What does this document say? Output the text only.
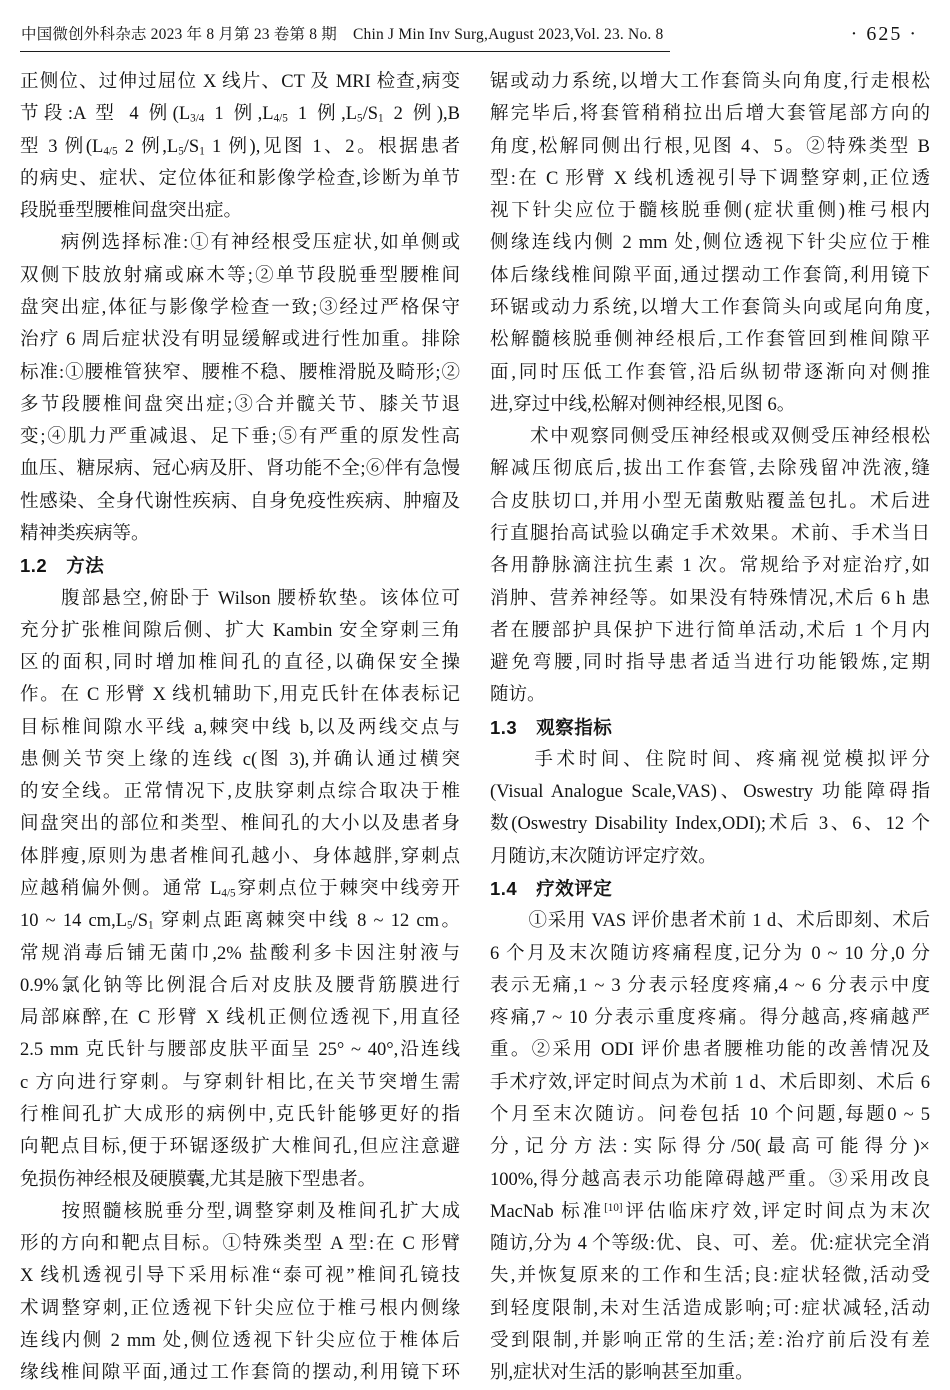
中国微创外科杂志 2023 年 8 月第 23 卷第 8 期 Chin J Min Inv Surg,August 2023,Vol. 23. No. 8	· 625 ·
正侧位、过伸过屈位 X 线片、CT 及 MRI 检查,病变
节段:A 型 4 例($L_{3/4}$ 1 例$,L_{4/5}$ 1 例$,L_5/S_1$ 2 例),B
型 3 例($L_{4/5}$ 2 例$,L_5/S_1$ 1 例),见图 1、2。根据患者
的病史、症状、定位体征和影像学检查,诊断为单节
段脱垂型腰椎间盘突出症。
　　病例选择标准:①有神经根受压症状,如单侧或
双侧下肢放射痛或麻木等;②单节段脱垂型腰椎间
盘突出症,体征与影像学检查一致;③经过严格保守
治疗 6 周后症状没有明显缓解或进行性加重。排除
标准:①腰椎管狭窄、腰椎不稳、腰椎滑脱及畸形;②
多节段腰椎间盘突出症;③合并髋关节、膝关节退
变;④肌力严重减退、足下垂;⑤有严重的原发性高
血压、糖尿病、冠心病及肝、肾功能不全;⑥伴有急慢
性感染、全身代谢性疾病、自身免疫性疾病、肿瘤及
精神类疾病等。
1.2　方法
　　腹部悬空,俯卧于 Wilson 腰桥软垫。该体位可
充分扩张椎间隙后侧、扩大 Kambin 安全穿刺三角
区的面积,同时增加椎间孔的直径,以确保安全操
作。在 C 形臂 X 线机辅助下,用克氏针在体表标记
目标椎间隙水平线 a,棘突中线 b,以及两线交点与
患侧关节突上缘的连线 c(图 3),并确认通过横突
的安全线。正常情况下,皮肤穿刺点综合取决于椎
间盘突出的部位和类型、椎间孔的大小以及患者身
体胖瘦,原则为患者椎间孔越小、身体越胖,穿刺点
应越稍偏外侧。通常 $L_{4/5}$穿刺点位于棘突中线旁开
10 ~ 14 $cm,L_5/S_1$ 穿刺点距离棘突中线 8 ~ 12 cm。
常规消毒后铺无菌巾,2% 盐酸利多卡因注射液与
0.9%氯化钠等比例混合后对皮肤及腰背筋膜进行
局部麻醉,在 C 形臂 X 线机正侧位透视下,用直径
2.5 mm 克氏针与腰部皮肤平面呈 25° ~ 40°,沿连线
c 方向进行穿刺。与穿刺针相比,在关节突增生需
行椎间孔扩大成形的病例中,克氏针能够更好的指
向靶点目标,便于环锯逐级扩大椎间孔,但应注意避
免损伤神经根及硬膜囊,尤其是腋下型患者。
　　按照髓核脱垂分型,调整穿刺及椎间孔扩大成
形的方向和靶点目标。①特殊类型 A 型:在 C 形臂
X 线机透视引导下采用标准“泰可视”椎间孔镜技
术调整穿刺,正位透视下针尖应位于椎弓根内侧缘
连线内侧 2 mm 处,侧位透视下针尖应位于椎体后
缘线椎间隙平面,通过工作套筒的摆动,利用镜下环
锯或动力系统,以增大工作套筒头向角度,行走根松
解完毕后,将套管稍稍拉出后增大套管尾部方向的
角度,松解同侧出行根,见图 4、5。②特殊类型 B
型:在 C 形臂 X 线机透视引导下调整穿刺,正位透
视下针尖应位于髓核脱垂侧(症状重侧)椎弓根内
侧缘连线内侧 2 mm 处,侧位透视下针尖应位于椎
体后缘线椎间隙平面,通过摆动工作套筒,利用镜下
环锯或动力系统,以增大工作套筒头向或尾向角度,
松解髓核脱垂侧神经根后,工作套管回到椎间隙平
面,同时压低工作套管,沿后纵韧带逐渐向对侧推
进,穿过中线,松解对侧神经根,见图 6。
　　术中观察同侧受压神经根或双侧受压神经根松
解减压彻底后,拔出工作套管,去除残留冲洗液,缝
合皮肤切口,并用小型无菌敷贴覆盖包扎。术后进
行直腿抬高试验以确定手术效果。术前、手术当日
各用静脉滴注抗生素 1 次。常规给予对症治疗,如
消肿、营养神经等。如果没有特殊情况,术后 6 h 患
者在腰部护具保护下进行简单活动,术后 1 个月内
避免弯腰,同时指导患者适当进行功能锻炼,定期
随访。
1.3　观察指标
　　手术时间、住院时间、疼痛视觉模拟评分
(Visual Analogue Scale,VAS)、Oswestry 功能障碍指
数(Oswestry Disability Index,ODI);术后 3、6、12 个
月随访,末次随访评定疗效。
1.4　疗效评定
　　①采用 VAS 评价患者术前 1 d、术后即刻、术后
6 个月及末次随访疼痛程度,记分为 0 ~ 10 分,0 分
表示无痛,1 ~ 3 分表示轻度疼痛,4 ~ 6 分表示中度
疼痛,7 ~ 10 分表示重度疼痛。得分越高,疼痛越严
重。②采用 ODI 评价患者腰椎功能的改善情况及
手术疗效,评定时间点为术前 1 d、术后即刻、术后 6
个月至末次随访。问卷包括 10 个问题,每题0 ~ 5
分,记分方法:实际得分/50(最高可能得分)×
100%,得分越高表示功能障碍越严重。③采用改良
MacNab 标准[10]评估临床疗效,评定时间点为末次
随访,分为 4 个等级:优、良、可、差。优:症状完全消
失,并恢复原来的工作和生活;良:症状轻微,活动受
到轻度限制,未对生活造成影响;可:症状减轻,活动
受到限制,并影响正常的生活;差:治疗前后没有差
别,症状对生活的影响甚至加重。
